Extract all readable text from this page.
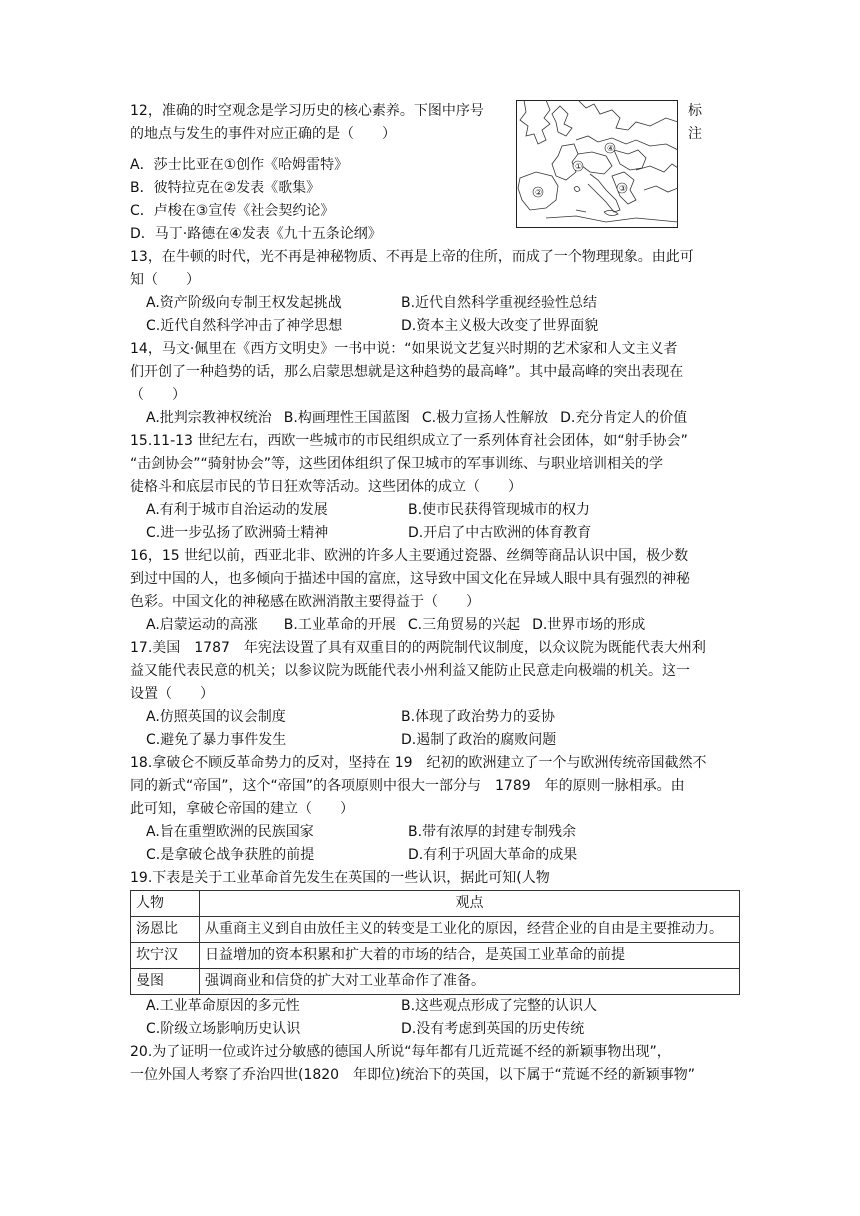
④
①
②	③
12，准确的时空观念是学习历史的核心素养。下图中序号	标 注
的地点与发生的事件对应正确的是（　　）
A．莎士比亚在①创作《哈姆雷特》
B．彼特拉克在②发表《歌集》
C．卢梭在③宣传《社会契约论》
D．马丁·路德在④发表《九十五条论纲》
13，在牛顿的时代，光不再是神秘物质、不再是上帝的住所，而成了一个物理现象。由此可
知（　　）
A.资产阶级向专制王权发起挑战	B.近代自然科学重视经验性总结
C.近代自然科学冲击了神学思想	D.资本主义极大改变了世界面貌
14，马文·佩里在《西方文明史》一书中说：“如果说文艺复兴时期的艺术家和人文主义者
们开创了一种趋势的话，那么启蒙思想就是这种趋势的最高峰”。其中最高峰的突出表现在
（　　）
A.批判宗教神权统治 B.构画理性王国蓝图 C.极力宣扬人性解放 D.充分肯定人的价值
15.11-13 世纪左右，西欧一些城市的市民组织成立了一系列体育社会团体，如“射手协会”
“击剑协会”“骑射协会”等，这些团体组织了保卫城市的军事训练、与职业培训相关的学
徒格斗和底层市民的节日狂欢等活动。这些团体的成立（　　）
A.有利于城市自治运动的发展	B.使市民获得管现城市的权力
C.进一步弘扬了欧洲骑士精神	D.开启了中古欧洲的体育教育
16，15 世纪以前，西亚北非、欧洲的许多人主要通过瓷器、丝绸等商品认识中国，极少数
到过中国的人，也多倾向于描述中国的富庶，这导致中国文化在异域人眼中具有强烈的神秘
色彩。中国文化的神秘感在欧洲消散主要得益于（　　）
A.启蒙运动的高涨 B.工业革命的开展 C.三角贸易的兴起 D.世界市场的形成
17.美国　1787　年宪法设置了具有双重目的的两院制代议制度，以众议院为既能代表大州利
益又能代表民意的机关；以参议院为既能代表小州利益又能防止民意走向极端的机关。这一
设置（　　）
A.仿照英国的议会制度	B.体现了政治势力的妥协
C.避免了暴力事件发生	D.遏制了政治的腐败问题
18.拿破仑不顾反革命势力的反对，坚持在 19　纪初的欧洲建立了一个与欧洲传统帝国截然不
同的新式“帝国”，这个“帝国”的各项原则中很大一部分与　1789　年的原则一脉相承。由
此可知，拿破仑帝国的建立（　　）
A.旨在重塑欧洲的民族国家	B.带有浓厚的封建专制残余
C.是拿破仑战争获胜的前提	D.有利于巩固大革命的成果
19.下表是关于工业革命首先发生在英国的一些认识，据此可知(人物
人物	观点
汤恩比	从重商主义到自由放任主义的转变是工业化的原因，经营企业的自由是主要推动力。
坎宁汉	日益增加的资本积累和扩大着的市场的结合，是英国工业革命的前提
曼图	强调商业和信贷的扩大对工业革命作了准备。
A.工业革命原因的多元性	B.这些观点形成了完整的认识人
C.阶级立场影响历史认识	D.没有考虑到英国的历史传统
20.为了证明一位或许过分敏感的德国人所说“每年都有几近荒诞不经的新颖事物出现”，
一位外国人考察了乔治四世(1820　年即位)统治下的英国，以下属于“荒诞不经的新颖事物”
